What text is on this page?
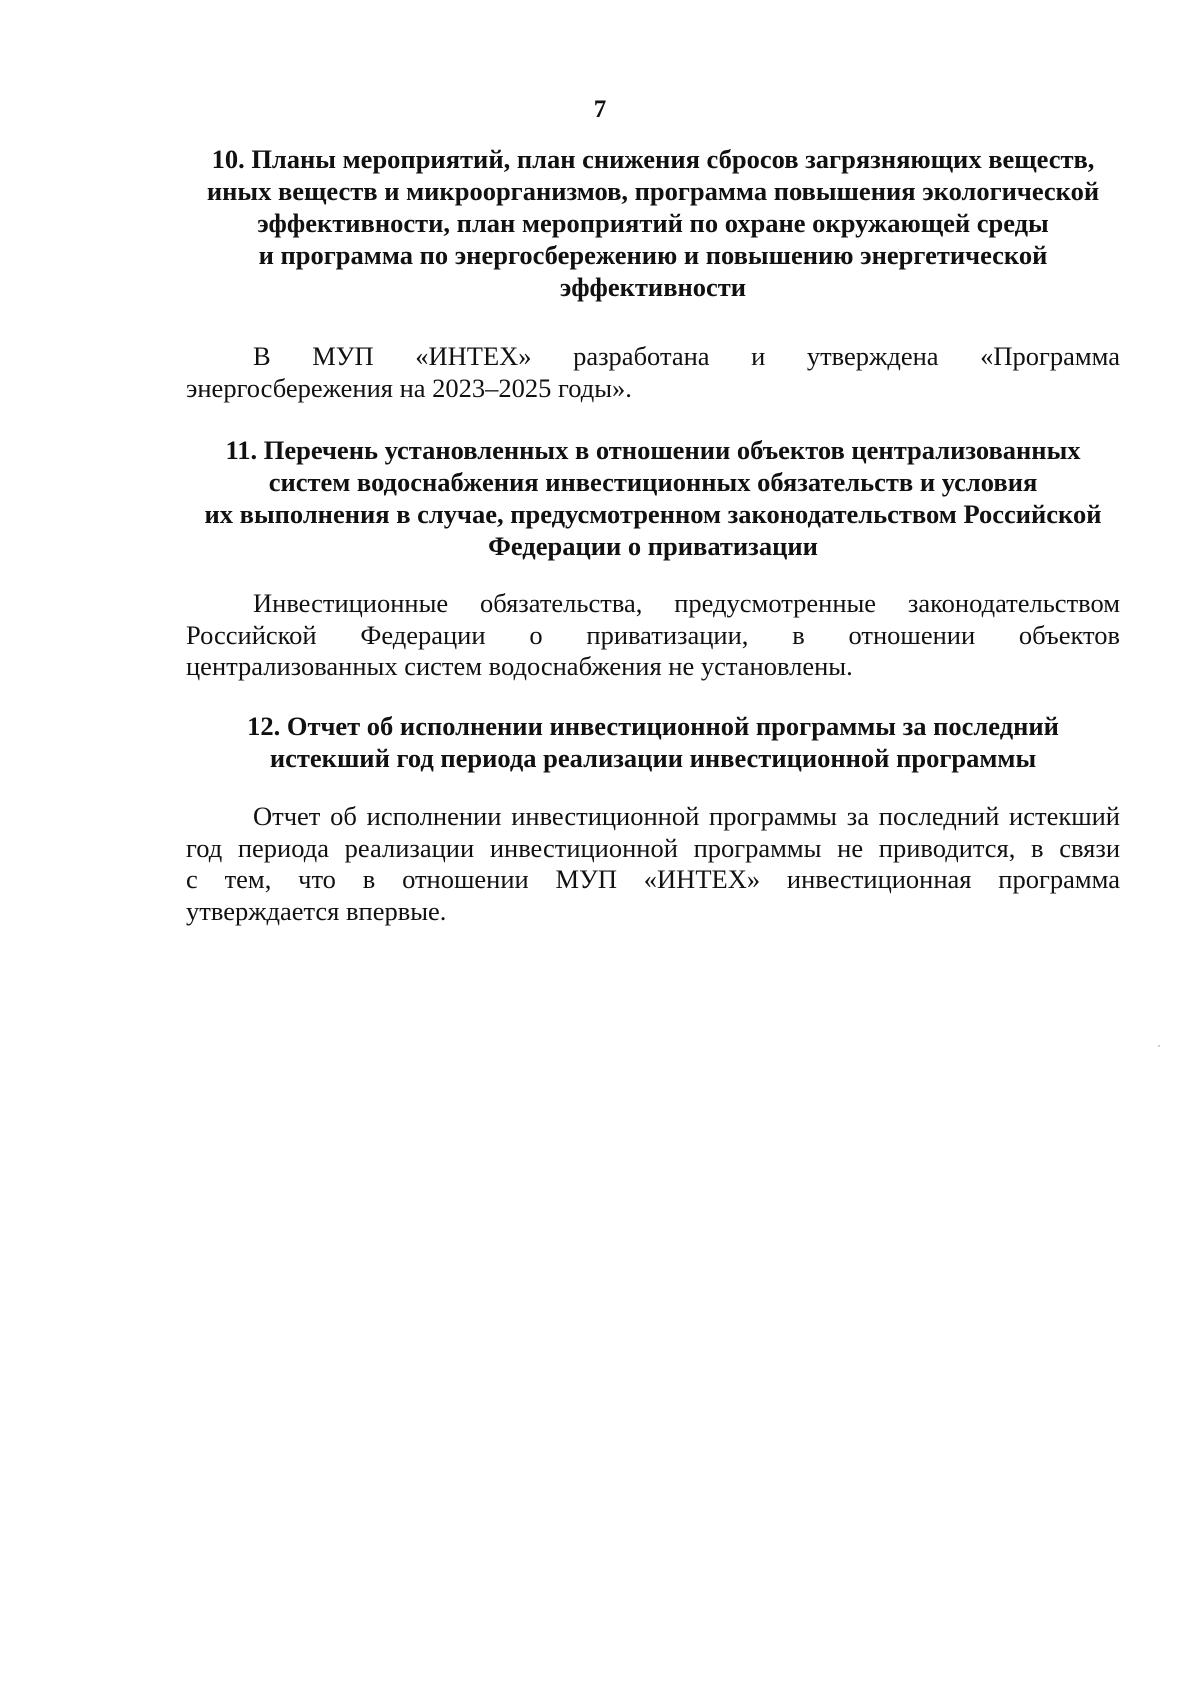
7
10. Планы мероприятий, план снижения сбросов загрязняющих веществ,
иных веществ и микроорганизмов, программа повышения экологической
эффективности, план мероприятий по охране окружающей среды
и программа по энергосбережению и повышению энергетической
эффективности

В МУП «ИНТЕХ» разработана и утверждена «Программа
энергосбережения на 2023–2025 годы».

11. Перечень установленных в отношении объектов централизованных
систем водоснабжения инвестиционных обязательств и условия
их выполнения в случае, предусмотренном законодательством Российской
Федерации о приватизации

Инвестиционные обязательства, предусмотренные законодательством
Российской Федерации о приватизации, в отношении объектов
централизованных систем водоснабжения не установлены.

12. Отчет об исполнении инвестиционной программы за последний
истекший год периода реализации инвестиционной программы

Отчет об исполнении инвестиционной программы за последний истекший
год периода реализации инвестиционной программы не приводится, в связи
с тем, что в отношении МУП «ИНТЕХ» инвестиционная программа
утверждается впервые.
